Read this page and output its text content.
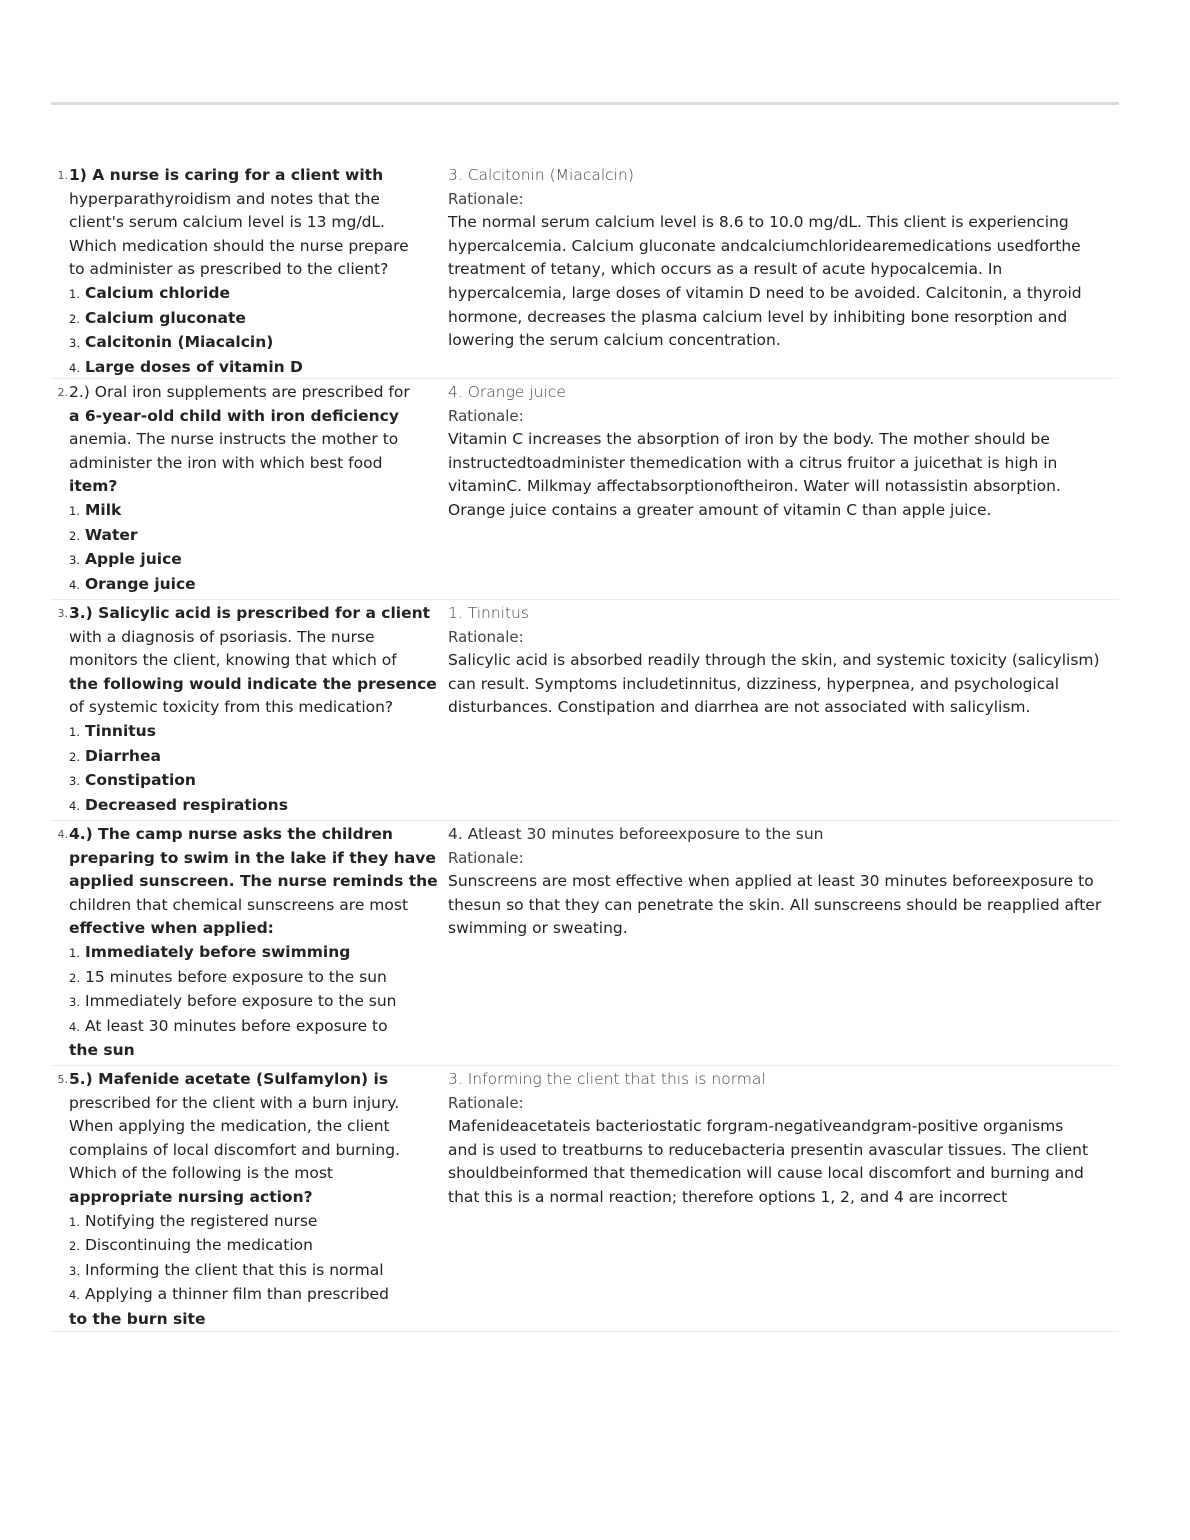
1. 1) A nurse is caring for a client with
hyperparathyroidism and notes that the
client's serum calcium level is 13 mg/dL.
Which medication should the nurse prepare
to administer as prescribed to the client?
1. Calcium chloride
2. Calcium gluconate
3. Calcitonin (Miacalcin)
4. Large doses of vitamin D
3. Calcitonin (Miacalcin)
Rationale:
The normal serum calcium level is 8.6 to 10.0 mg/dL. This client is experiencing
hypercalcemia. Calcium gluconate andcalciumchloridearemedications usedforthe
treatment of tetany, which occurs as a result of acute hypocalcemia. In
hypercalcemia, large doses of vitamin D need to be avoided. Calcitonin, a thyroid
hormone, decreases the plasma calcium level by inhibiting bone resorption and
lowering the serum calcium concentration.
2. 2.) Oral iron supplements are prescribed for
a 6-year-old child with iron deficiency
anemia. The nurse instructs the mother to
administer the iron with which best food
item?
1. Milk
2. Water
3. Apple juice
4. Orange juice
4. Orange juice
Rationale:
Vitamin C increases the absorption of iron by the body. The mother should be
instructedtoadminister themedication with a citrus fruitor a juicethat is high in
vitaminC. Milkmay affectabsorptionoftheiron. Water will notassistin absorption.
Orange juice contains a greater amount of vitamin C than apple juice.
3. 3.) Salicylic acid is prescribed for a client
with a diagnosis of psoriasis. The nurse
monitors the client, knowing that which of
the following would indicate the presence
of systemic toxicity from this medication?
1. Tinnitus
2. Diarrhea
3. Constipation
4. Decreased respirations
1. Tinnitus
Rationale:
Salicylic acid is absorbed readily through the skin, and systemic toxicity (salicylism)
can result. Symptoms includetinnitus, dizziness, hyperpnea, and psychological
disturbances. Constipation and diarrhea are not associated with salicylism.
4. 4.) The camp nurse asks the children
preparing to swim in the lake if they have
applied sunscreen. The nurse reminds the
children that chemical sunscreens are most
effective when applied:
1. Immediately before swimming
2. 15 minutes before exposure to the sun
3. Immediately before exposure to the sun
4. At least 30 minutes before exposure to
the sun
4. Atleast 30 minutes beforeexposure to the sun
Rationale:
Sunscreens are most effective when applied at least 30 minutes beforeexposure to
thesun so that they can penetrate the skin. All sunscreens should be reapplied after
swimming or sweating.
5. 5.) Mafenide acetate (Sulfamylon) is
prescribed for the client with a burn injury.
When applying the medication, the client
complains of local discomfort and burning.
Which of the following is the most
appropriate nursing action?
1. Notifying the registered nurse
2. Discontinuing the medication
3. Informing the client that this is normal
4. Applying a thinner film than prescribed
to the burn site
3. Informing the client that this is normal
Rationale:
Mafenideacetateis bacteriostatic forgram-negativeandgram-positive organisms
and is used to treatburns to reducebacteria presentin avascular tissues. The client
shouldbeinformed that themedication will cause local discomfort and burning and
that this is a normal reaction; therefore options 1, 2, and 4 are incorrect
